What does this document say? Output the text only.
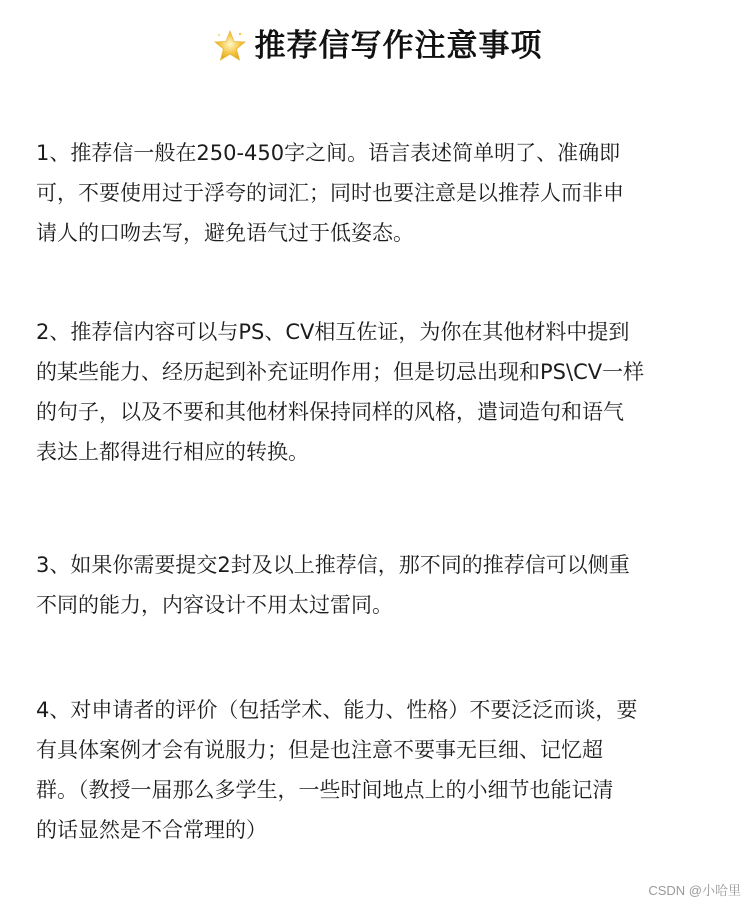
推荐信写作注意事项
1、推荐信一般在250-450字之间。语言表述简单明了、准确即
可，不要使用过于浮夸的词汇；同时也要注意是以推荐人而非申
请人的口吻去写，避免语气过于低姿态。
2、推荐信内容可以与PS、CV相互佐证，为你在其他材料中提到
的某些能力、经历起到补充证明作用；但是切忌出现和PS\CV一样
的句子，以及不要和其他材料保持同样的风格，遣词造句和语气
表达上都得进行相应的转换。
3、如果你需要提交2封及以上推荐信，那不同的推荐信可以侧重
不同的能力，内容设计不用太过雷同。
4、对申请者的评价（包括学术、能力、性格）不要泛泛而谈，要
有具体案例才会有说服力；但是也注意不要事无巨细、记忆超
群。（教授一届那么多学生，一些时间地点上的小细节也能记清
的话显然是不合常理的）
CSDN @小哈里
